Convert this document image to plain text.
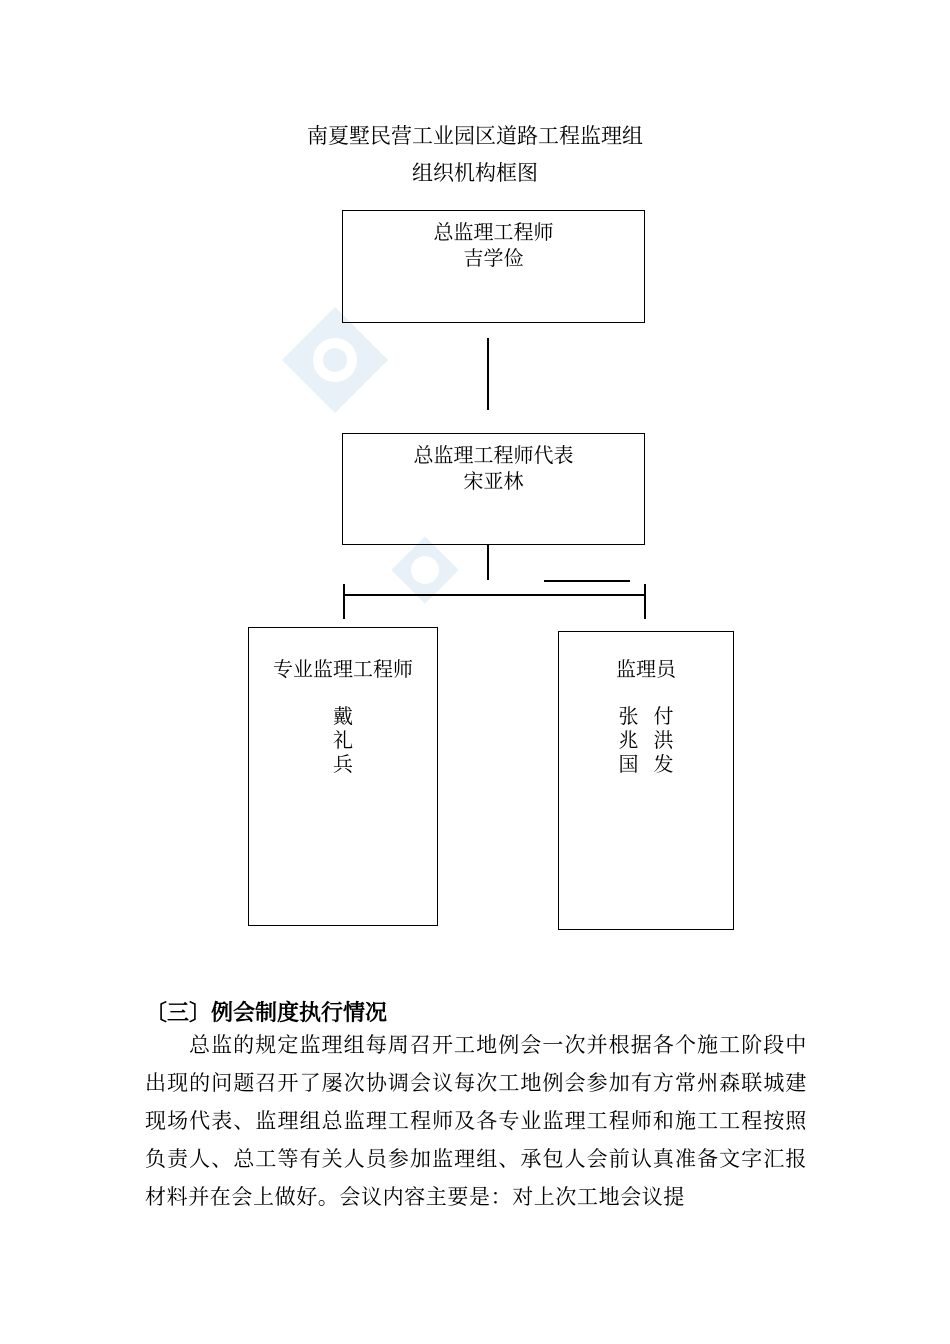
南夏墅民营工业园区道路工程监理组
组织机构框图
总监理工程师
吉学俭
总监理工程师代表
宋亚林
专业监理工程师
戴
礼
兵
监理员
张
兆
国

付
洪
发
〔三〕例会制度执行情况
总监的规定监理组每周召开工地例会一次并根据各个施工阶段中出现的问题召开了屡次协调会议每次工地例会参加有方常州森联城建现场代表、监理组总监理工程师及各专业监理工程师和施工工程按照负责人、总工等有关人员参加监理组、承包人会前认真准备文字汇报材料并在会上做好。会议内容主要是：对上次工地会议提
